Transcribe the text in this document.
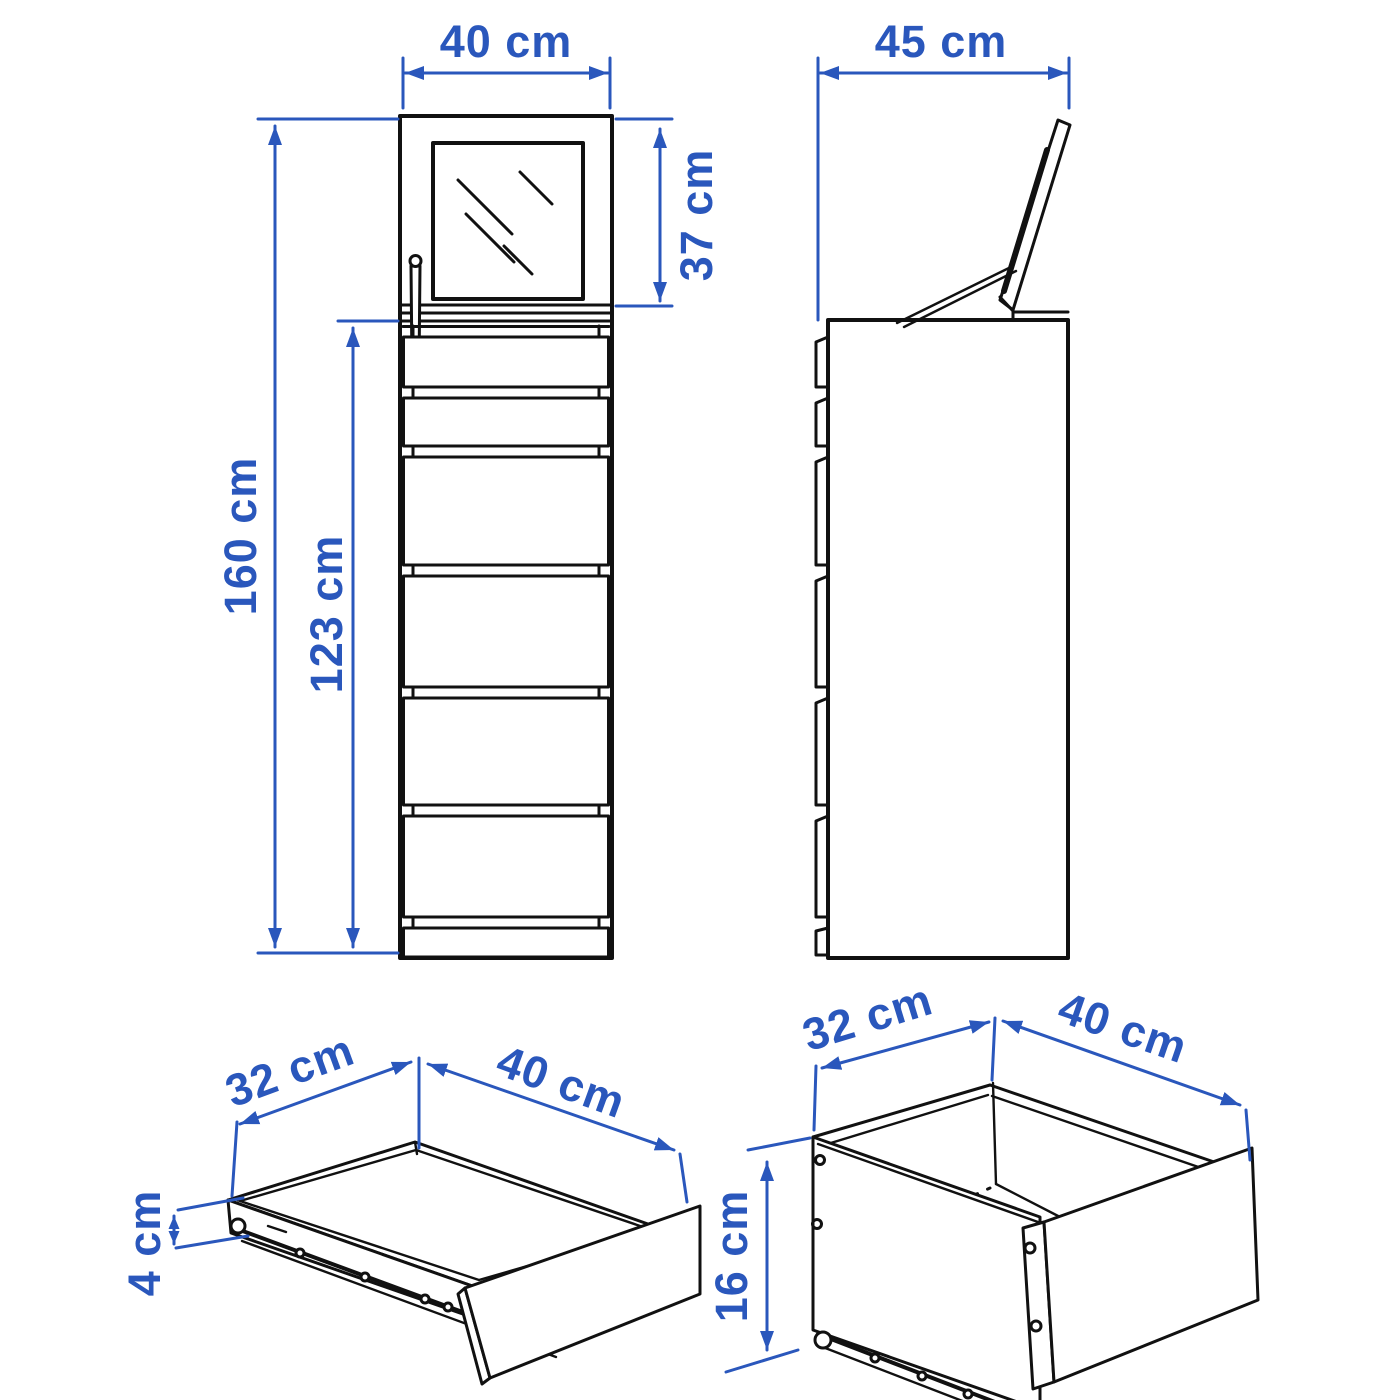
40 cm
37 cm
160 cm 123 cm
45 cm
32 cm	40 cm
4 cm
32 cm	40 cm
16 cm
